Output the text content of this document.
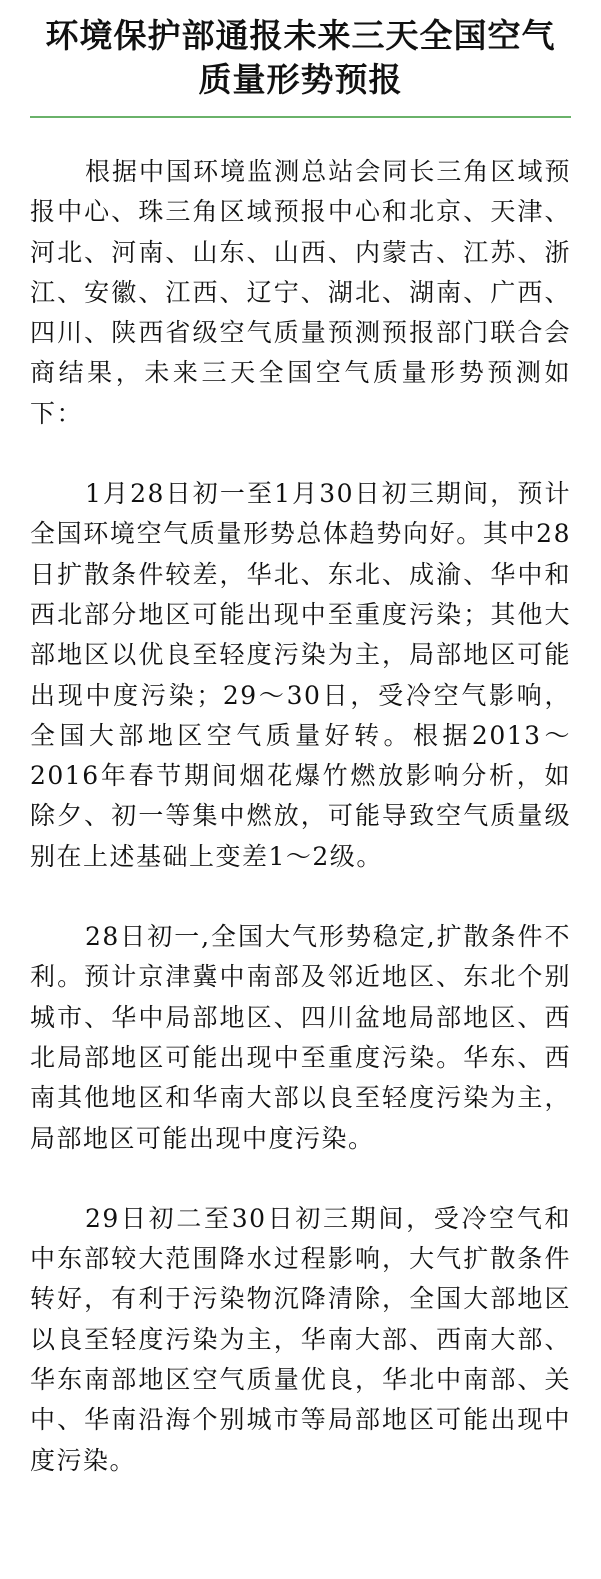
环境保护部通报未来三天全国空气
质量形势预报

根据中国环境监测总站会同长三角区域预报中心、珠三角区域预报中心和北京、天津、河北、河南、山东、山西、内蒙古、江苏、浙江、安徽、江西、辽宁、湖北、湖南、广西、四川、陕西省级空气质量预测预报部门联合会商结果，未来三天全国空气质量形势预测如下：

1月28日初一至1月30日初三期间，预计全国环境空气质量形势总体趋势向好。其中28日扩散条件较差，华北、东北、成渝、华中和西北部分地区可能出现中至重度污染；其他大部地区以优良至轻度污染为主，局部地区可能出现中度污染；29～30日，受冷空气影响，全国大部地区空气质量好转。根据2013～2016年春节期间烟花爆竹燃放影响分析，如除夕、初一等集中燃放，可能导致空气质量级别在上述基础上变差1～2级。

28日初一,全国大气形势稳定,扩散条件不利。预计京津冀中南部及邻近地区、东北个别城市、华中局部地区、四川盆地局部地区、西北局部地区可能出现中至重度污染。华东、西南其他地区和华南大部以良至轻度污染为主，局部地区可能出现中度污染。

29日初二至30日初三期间，受冷空气和中东部较大范围降水过程影响，大气扩散条件转好，有利于污染物沉降清除，全国大部地区以良至轻度污染为主，华南大部、西南大部、华东南部地区空气质量优良，华北中南部、关中、华南沿海个别城市等局部地区可能出现中度污染。
